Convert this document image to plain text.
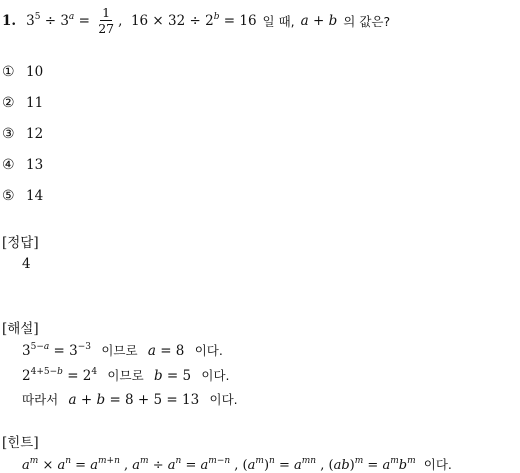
1. $3^5 \div 3^a = \frac{1}{27}$ ,  $16 \times 32 \div 2^b = 16$ 일 때, a + b 의 값은?
① 10
② 11
③ 12
④ 13
⑤ 14
[정답]
4
[해설]
$3^{5-a} = 3^{-3}$ 이므로 a = 8 이다.
$2^{4+5-b} = 2^4$ 이므로 b = 5 이다.
따라서 a + b = 8 + 5 = 13 이다.
[힌트]
$a^m \times a^n = a^{m+n}$ , $a^m \div a^n = a^{m-n}$ , $(a^m)^n = a^{mn}$ , $(ab)^m = a^mb^m$ 이다.
